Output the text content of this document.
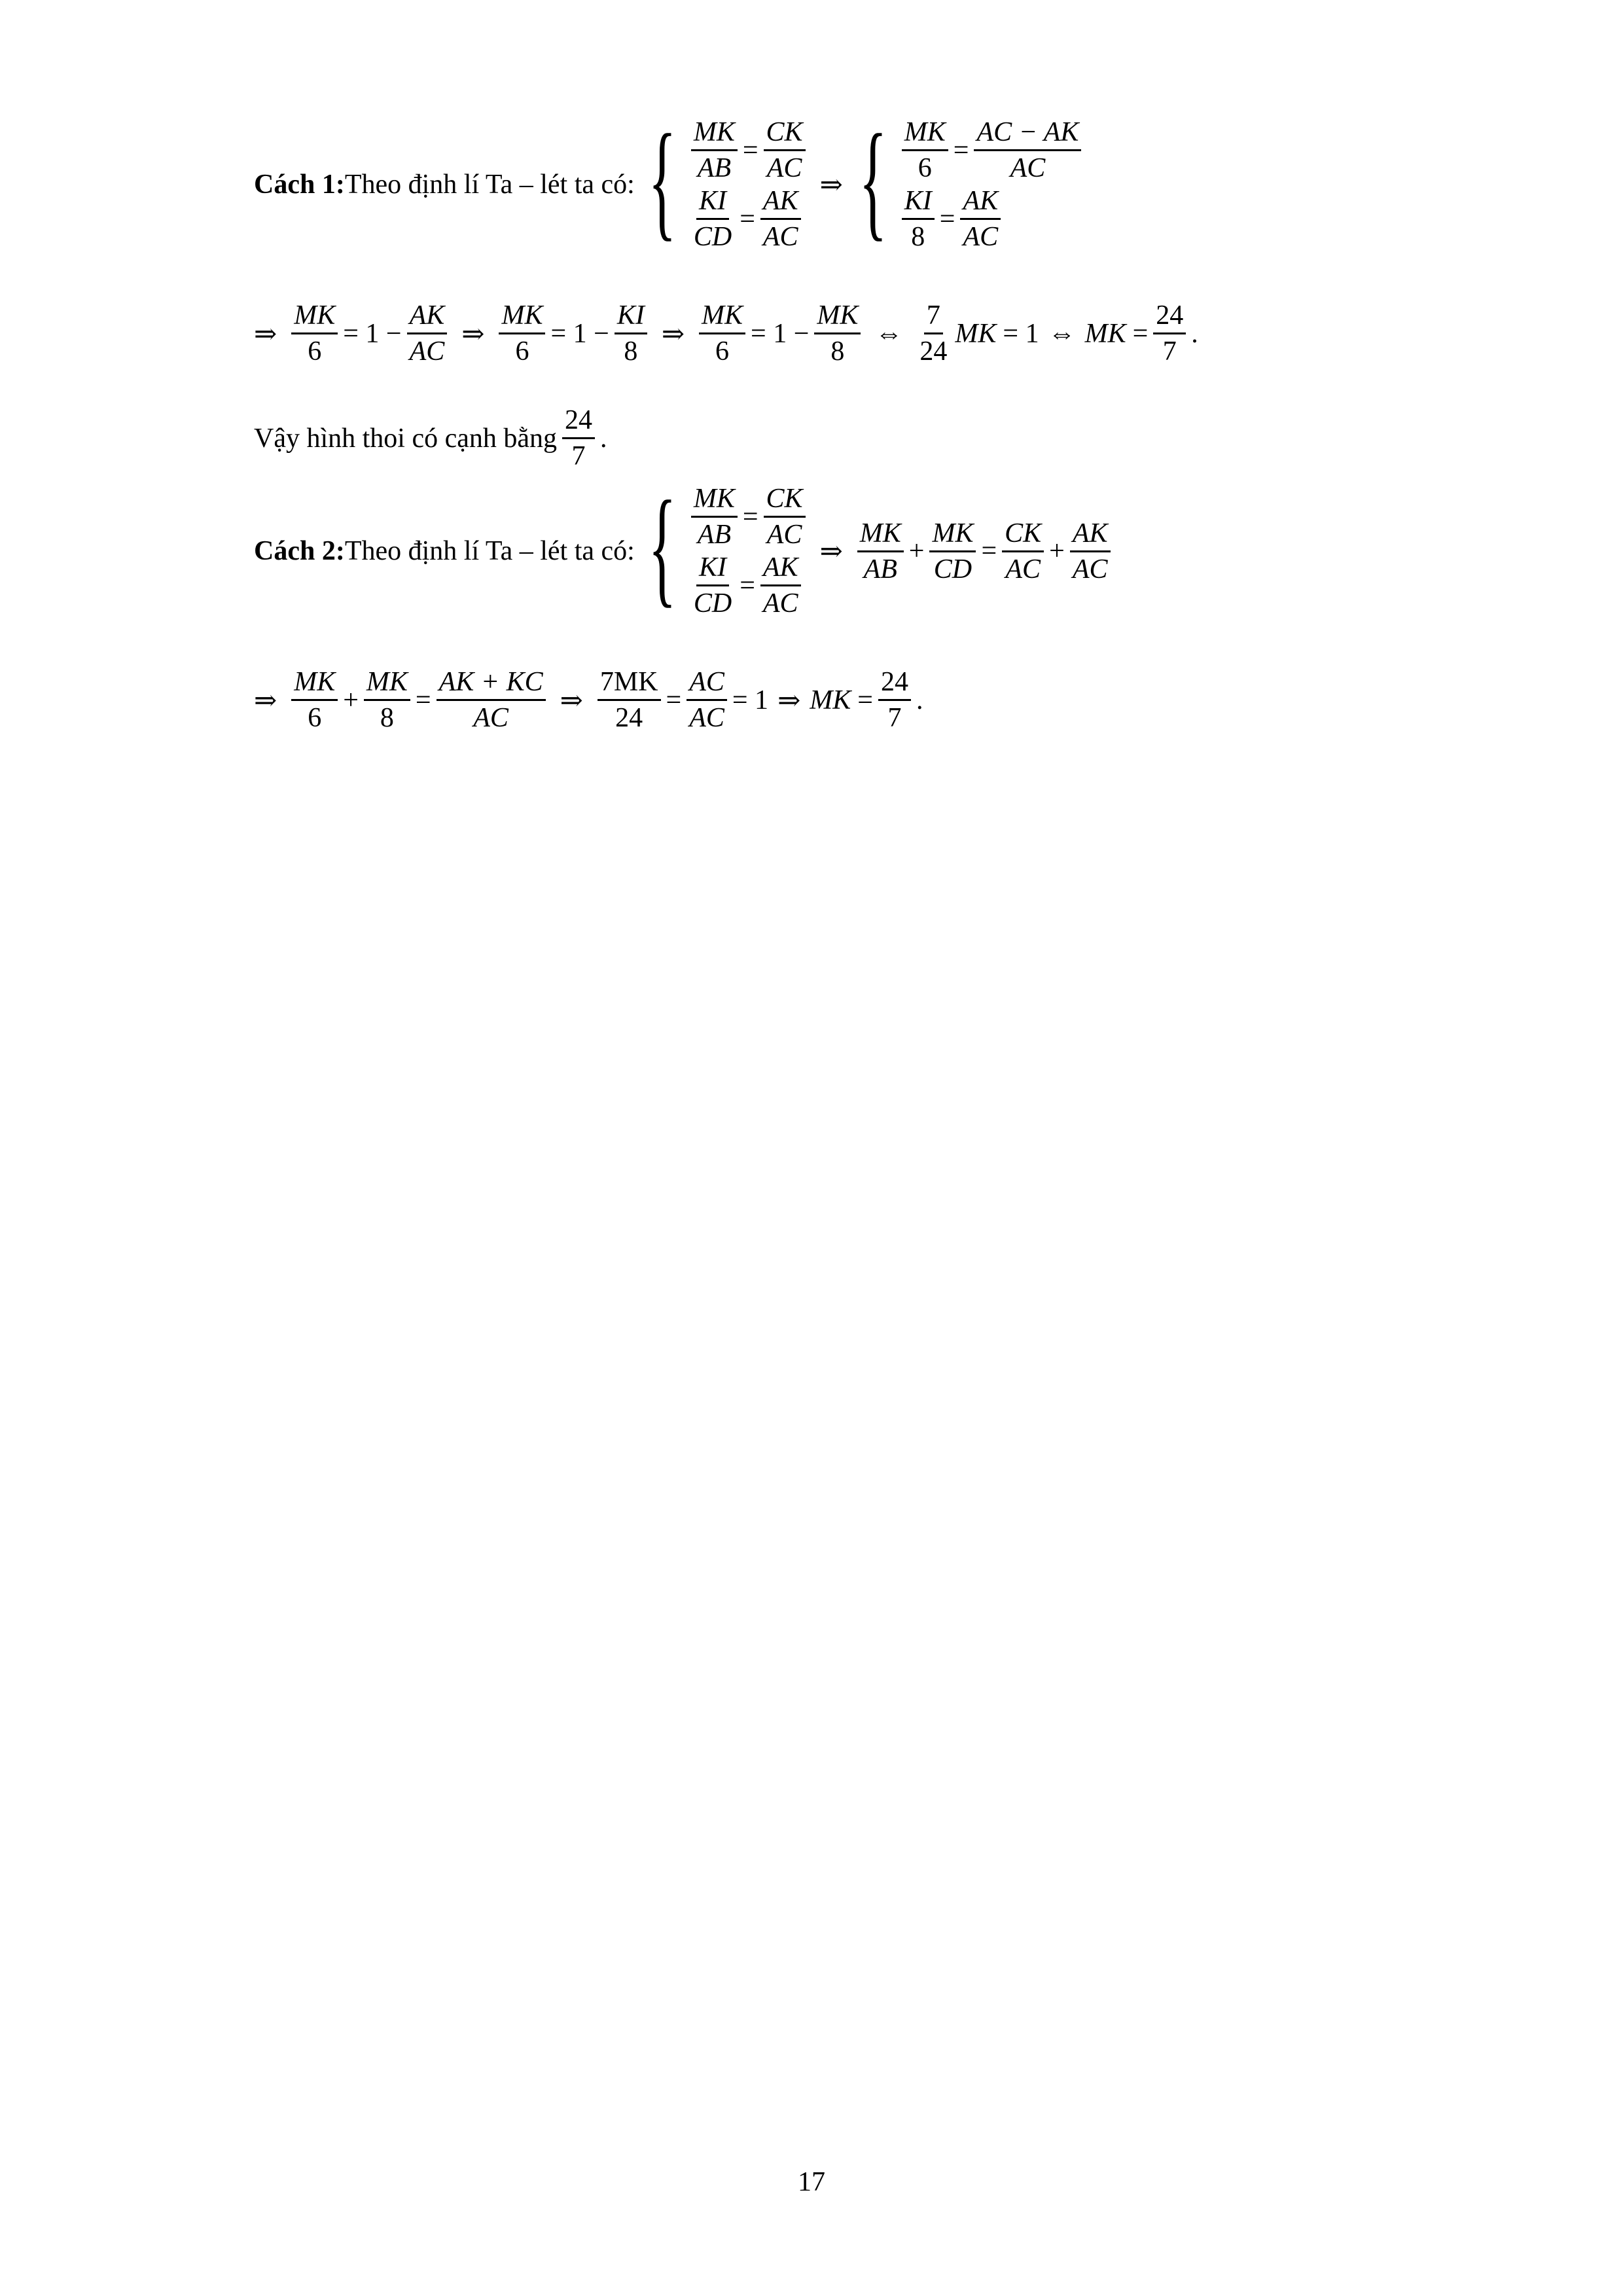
Cách 1: Theo định lí Ta – lét ta có: { $\frac{MK}{AB} = \frac{CK}{AC}$
$\frac{KI}{CD} = \frac{AK}{AC}$
⇒ { $\frac{MK}{6} = \frac{AC - AK}{AC}$
$\frac{KI}{8} = \frac{AK}{AC}$
⇒ $\frac{MK}{6} = 1 - \frac{AK}{AC}$ ⇒ $\frac{MK}{6} = 1 - \frac{KI}{8}$ ⇒ $\frac{MK}{6} = 1 - \frac{MK}{8}$ ⇔ $\frac{7}{24}$ MK = 1 ⇔ MK = $\frac{24}{7}$ .
Vậy hình thoi có cạnh bằng $\frac{24}{7}$ .
Cách 2: Theo định lí Ta – lét ta có: { $\frac{MK}{AB} = \frac{CK}{AC}$
$\frac{KI}{CD} = \frac{AK}{AC}$
⇒ $\frac{MK}{AB} + \frac{MK}{CD} = \frac{CK}{AC} + \frac{AK}{AC}$
⇒ $\frac{MK}{6} + \frac{MK}{8} = \frac{AK + KC}{AC}$ ⇒ $\frac{7MK}{24} = \frac{AC}{AC} = 1$ ⇒ MK = $\frac{24}{7}$ .
17
